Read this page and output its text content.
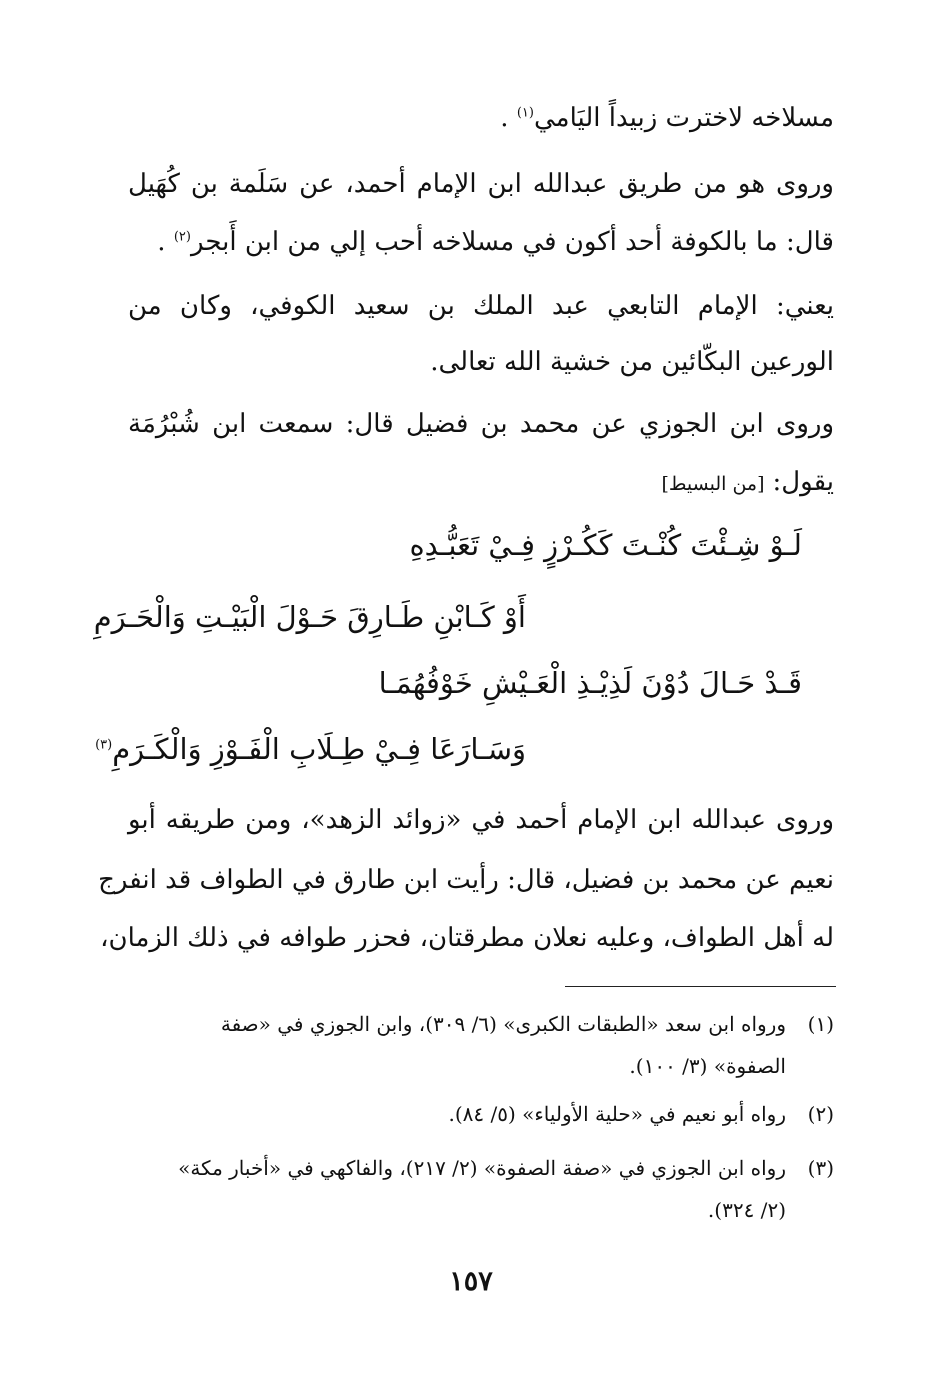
مسلاخه لاخترت زبيداً اليَامي$^{(١)}$ .
وروى هو من طريق عبدالله ابن الإمام أحمد، عن سَلَمة بن كُهَيل
قال: ما بالكوفة أحد أكون في مسلاخه أحب إلي من ابن أَبجر$^{(٢)}$ .
يعني: الإمام التابعي عبد الملك بن سعيد الكوفي، وكان من
الورعين البكّائين من خشية الله تعالى.
وروى ابن الجوزي عن محمد بن فضيل قال: سمعت ابن شُبْرُمَة
يقول:[من البسيط]
لَـوْ شِـئْتَ كُنْـتَ كَكُـرْزٍ فِـيْ تَعَبُّـدِهِ
أَوْ كَـابْنِ طَـارِقَ حَـوْلَ الْبَيْـتِ وَالْحَـرَمِ
قَـدْ حَـالَ دُوْنَ لَذِيْـذِ الْعَـيْشِ خَوْفُهُمَـا
وَسَـارَعَا فِـيْ طِـلَابِ الْفَـوْزِ وَالْكَـرَمِ$^{(٣)}$
وروى عبدالله ابن الإمام أحمد في «زوائد الزهد»، ومن طريقه أبو
نعيم عن محمد بن فضيل، قال: رأيت ابن طارق في الطواف قد انفرج
له أهل الطواف، وعليه نعلان مطرقتان، فحزر طوافه في ذلك الزمان،
(١)ورواه ابن سعد «الطبقات الكبرى» (٦/ ٣٠٩)، وابن الجوزي في «صفة
الصفوة» (٣/ ١٠٠).
(٢)رواه أبو نعيم في «حلية الأولياء» (٥/ ٨٤).
(٣)رواه ابن الجوزي في «صفة الصفوة» (٢/ ٢١٧)، والفاكهي في «أخبار مكة»
(٢/ ٣٢٤).
١٥٧
